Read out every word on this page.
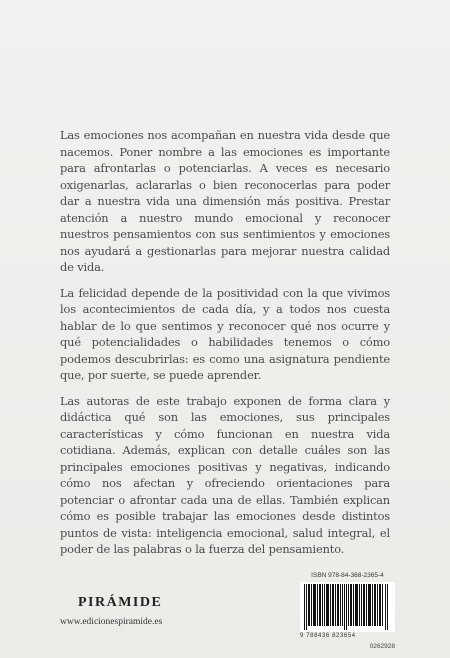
Las emociones nos acompañan en nuestra vida desde que nacemos. Poner nombre a las emociones es importante para afrontarlas o potenciarlas. A veces es necesario oxigenarlas, aclararlas o bien reconocerlas para poder dar a nuestra vida una dimensión más positiva. Prestar atención a nuestro mundo emocional y reconocer nuestros pensamientos con sus sentimientos y emociones nos ayudará a gestionarlas para mejorar nuestra calidad de vida.

La felicidad depende de la positividad con la que vivimos los acontecimientos de cada día, y a todos nos cuesta hablar de lo que sentimos y reconocer qué nos ocurre y qué potencialidades o habilidades tenemos o cómo podemos descubrirlas: es como una asignatura pendiente que, por suerte, se puede aprender.

Las autoras de este trabajo exponen de forma clara y didáctica qué son las emociones, sus principales características y cómo funcionan en nuestra vida cotidiana. Además, explican con detalle cuáles son las principales emociones positivas y negativas, indicando cómo nos afectan y ofreciendo orientaciones para potenciar o afrontar cada una de ellas. También explican cómo es posible trabajar las emociones desde distintos puntos de vista: inteligencia emocional, salud integral, el poder de las palabras o la fuerza del pensamiento.

PIRÁMIDE
www.edicionespiramide.es
ISBN 978-84-368-2365-4
9 788436 823654
0262928
